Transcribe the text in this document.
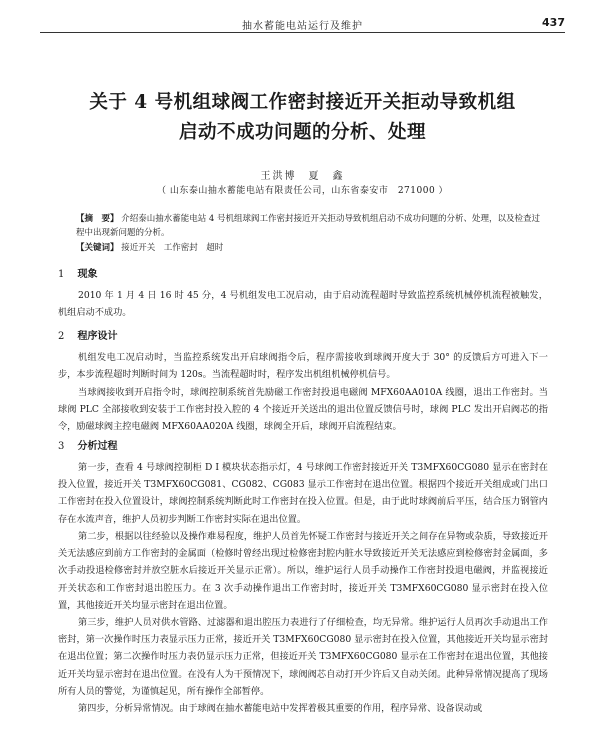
抽水蓄能电站运行及维护	437
关于 4 号机组球阀工作密封接近开关拒动导致机组
启动不成功问题的分析、处理
王洪博　夏　鑫
（ 山东泰山抽水蓄能电站有限责任公司，山东省泰安市　271000 ）
【摘　要】 介绍泰山抽水蓄能电站 4 号机组球阀工作密封接近开关拒动导致机组启动不成功问题的分析、处理，以及检查过程中出现新问题的分析。
【关键词】 接近开关　工作密封　超时
1 现象
2010 年 1 月 4 日 16 时 45 分，4 号机组发电工况启动，由于启动流程超时导致监控系统机械停机流程被触发，机组启动不成功。
2 程序设计
机组发电工况启动时，当监控系统发出开启球阀指令后，程序需接收到球阀开度大于 30° 的反馈后方可进入下一步，本步流程超时判断时间为 120s。当流程超时时，程序发出机组机械停机信号。
当球阀接收到开启指令时，球阀控制系统首先励磁工作密封投退电磁阀 MFX60AA010A 线圈，退出工作密封。当球阀 PLC 全部接收到安装于工作密封投入腔的 4 个接近开关送出的退出位置反馈信号时，球阀 PLC 发出开启阀芯的指令，励磁球阀主控电磁阀 MFX60AA020A 线圈，球阀全开后，球阀开启流程结束。
3 分析过程
第一步，查看 4 号球阀控制柜 D I 模块状态指示灯，4 号球阀工作密封接近开关 T3MFX60CG080 显示在密封在投入位置，接近开关 T3MFX60CG081、CG082、CG083 显示工作密封在退出位置。根据四个接近开关组成或门出口工作密封在投入位置设计，球阀控制系统判断此时工作密封在投入位置。但是，由于此时球阀前后平压，结合压力钢管内存在水流声音，维护人员初步判断工作密封实际在退出位置。
第二步，根据以往经验以及操作难易程度，维护人员首先怀疑工作密封与接近开关之间存在异物或杂质，导致接近开关无法感应到前方工作密封的金属面（检修时曾经出现过检修密封腔内脏水导致接近开关无法感应到检修密封金属面，多次手动投退检修密封并放空脏水后接近开关显示正常）。所以，维护运行人员手动操作工作密封投退电磁阀，并监视接近开关状态和工作密封退出腔压力。在 3 次手动操作退出工作密封时，接近开关 T3MFX60CG080 显示密封在投入位置，其他接近开关均显示密封在退出位置。
第三步，维护人员对供水管路、过滤器和退出腔压力表进行了仔细检查，均无异常。维护运行人员再次手动退出工作密封，第一次操作时压力表显示压力正常，接近开关 T3MFX60CG080 显示密封在投入位置，其他接近开关均显示密封在退出位置；第二次操作时压力表仍显示压力正常，但接近开关 T3MFX60CG080 显示在工作密封在退出位置，其他接近开关均显示密封在退出位置。在没有人为干预情况下，球阀阀芯自动打开少许后又自动关闭。此种异常情况提高了现场所有人员的警觉，为谨慎起见，所有操作全部暂停。
第四步，分析异常情况。由于球阀在抽水蓄能电站中发挥着极其重要的作用，程序异常、设备误动或
